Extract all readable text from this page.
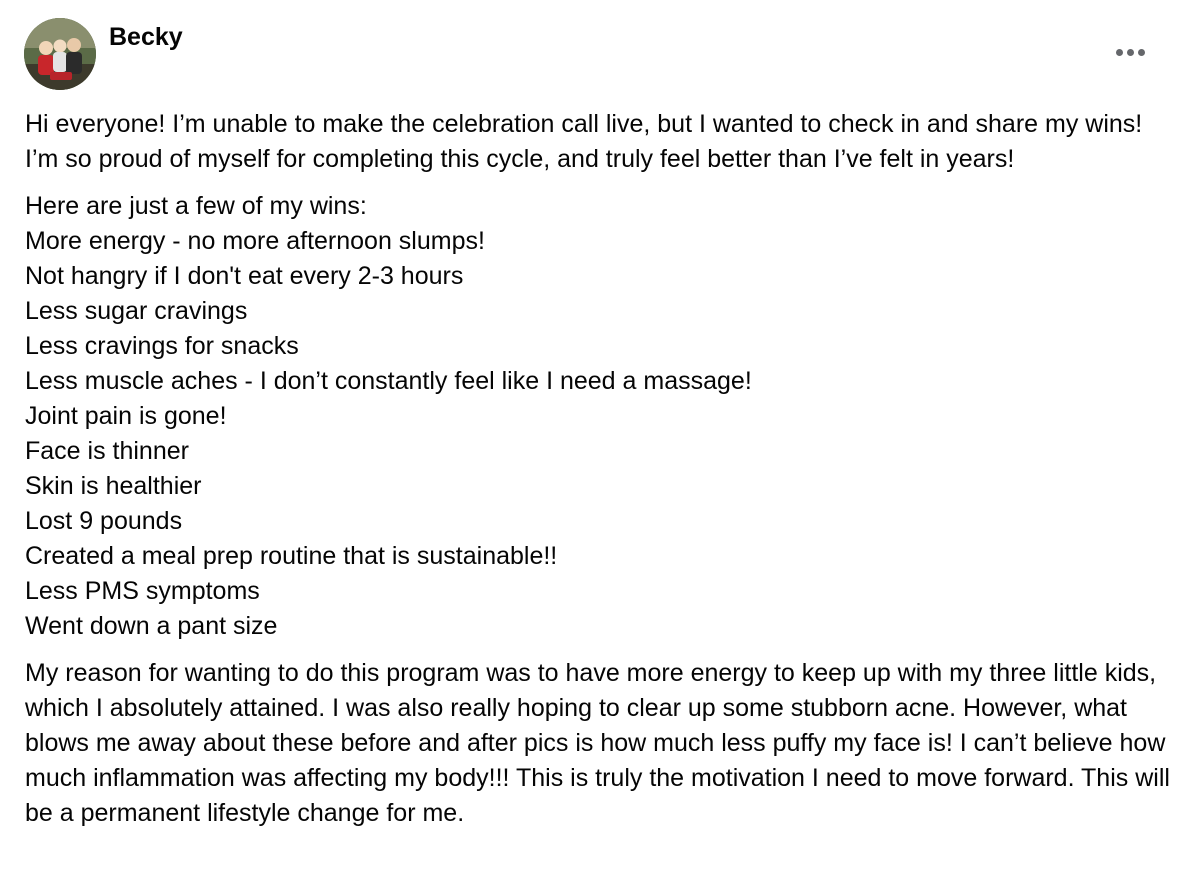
Becky

Hi everyone! I’m unable to make the celebration call live, but I wanted to check in and share my wins! I’m so proud of myself for completing this cycle, and truly feel better than I’ve felt in years!

Here are just a few of my wins:
More energy - no more afternoon slumps!
Not hangry if I don't eat every 2-3 hours
Less sugar cravings
Less cravings for snacks
Less muscle aches - I don’t constantly feel like I need a massage!
Joint pain is gone!
Face is thinner
Skin is healthier
Lost 9 pounds
Created a meal prep routine that is sustainable!!
Less PMS symptoms
Went down a pant size

My reason for wanting to do this program was to have more energy to keep up with my three little kids, which I absolutely attained. I was also really hoping to clear up some stubborn acne. However, what blows me away about these before and after pics is how much less puffy my face is! I can’t believe how much inflammation was affecting my body!!! This is truly the motivation I need to move forward. This will be a permanent lifestyle change for me.
